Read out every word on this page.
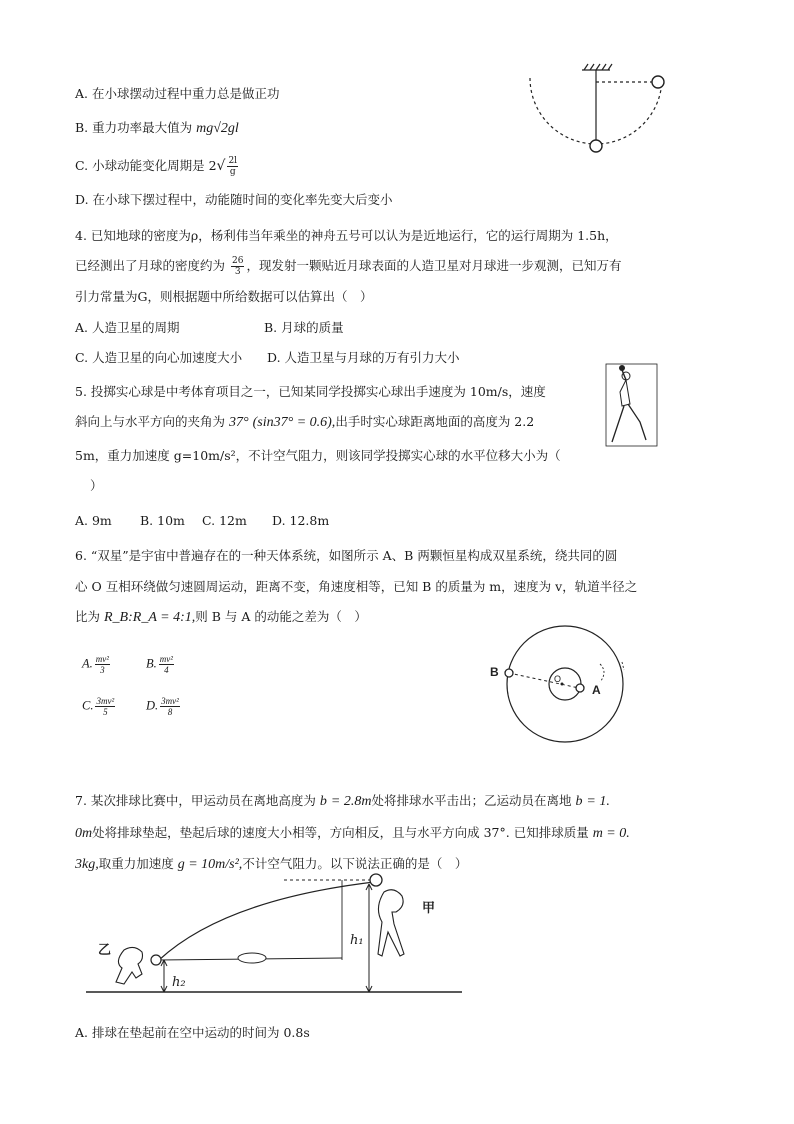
A. 在小球摆动过程中重力总是做正功
B. 重力功率最大值为 mg√2gl
C. 小球动能变化周期是 $2√ \frac{2l}{g}$
D. 在小球下摆过程中，动能随时间的变化率先变大后变小
4. 已知地球的密度为ρ，杨利伟当年乘坐的神舟五号可以认为是近地运行，它的运行周期为 1.5h，
已经测出了月球的密度约为 $\frac{26}{3}$ ，现发射一颗贴近月球表面的人造卫星对月球进一步观测，已知万有
引力常量为G，则根据题中所给数据可以估算出（　）
A. 人造卫星的周期	B. 月球的质量
C. 人造卫星的向心加速度大小 D. 人造卫星与月球的万有引力大小
5. 投掷实心球是中考体育项目之一，已知某同学投掷实心球出手速度为 10m/s，速度
斜向上与水平方向的夹角为 37° (sin37° = 0.6),出手时实心球距离地面的高度为 2.2
5m，重力加速度 g=10m/s²，不计空气阻力，则该同学投掷实心球的水平位移大小为（
）
A. 9m B. 10m C. 12m D. 12.8m
6. “双星”是宇宙中普遍存在的一种天体系统，如图所示 A、B 两颗恒星构成双星系统，绕共同的圆
心 O 互相环绕做匀速圆周运动，距离不变，角速度相等，已知 B 的质量为 m，速度为 v，轨道半径之
比为 R_B:R_A = 4:1,则 B 与 A 的动能之差为（　）
A. $\frac{\text{mv²}}{3}$	B. $\frac{\text{mv²}}{4}$
C. $\frac{\text{3mv²}}{5} D$. $\frac{\text{3mv²}}{8}$
B
A
O
7. 某次排球比赛中，甲运动员在离地高度为 b = 2.8m处将排球水平击出；乙运动员在离地 b = 1.
0m处将排球垫起，垫起后球的速度大小相等，方向相反，且与水平方向成 37°. 已知排球质量 m = 0.
3kg,取重力加速度 g = 10m/s²,不计空气阻力。以下说法正确的是（　）
甲
乙
h₁
h₂
A. 排球在垫起前在空中运动的时间为 0.8s
